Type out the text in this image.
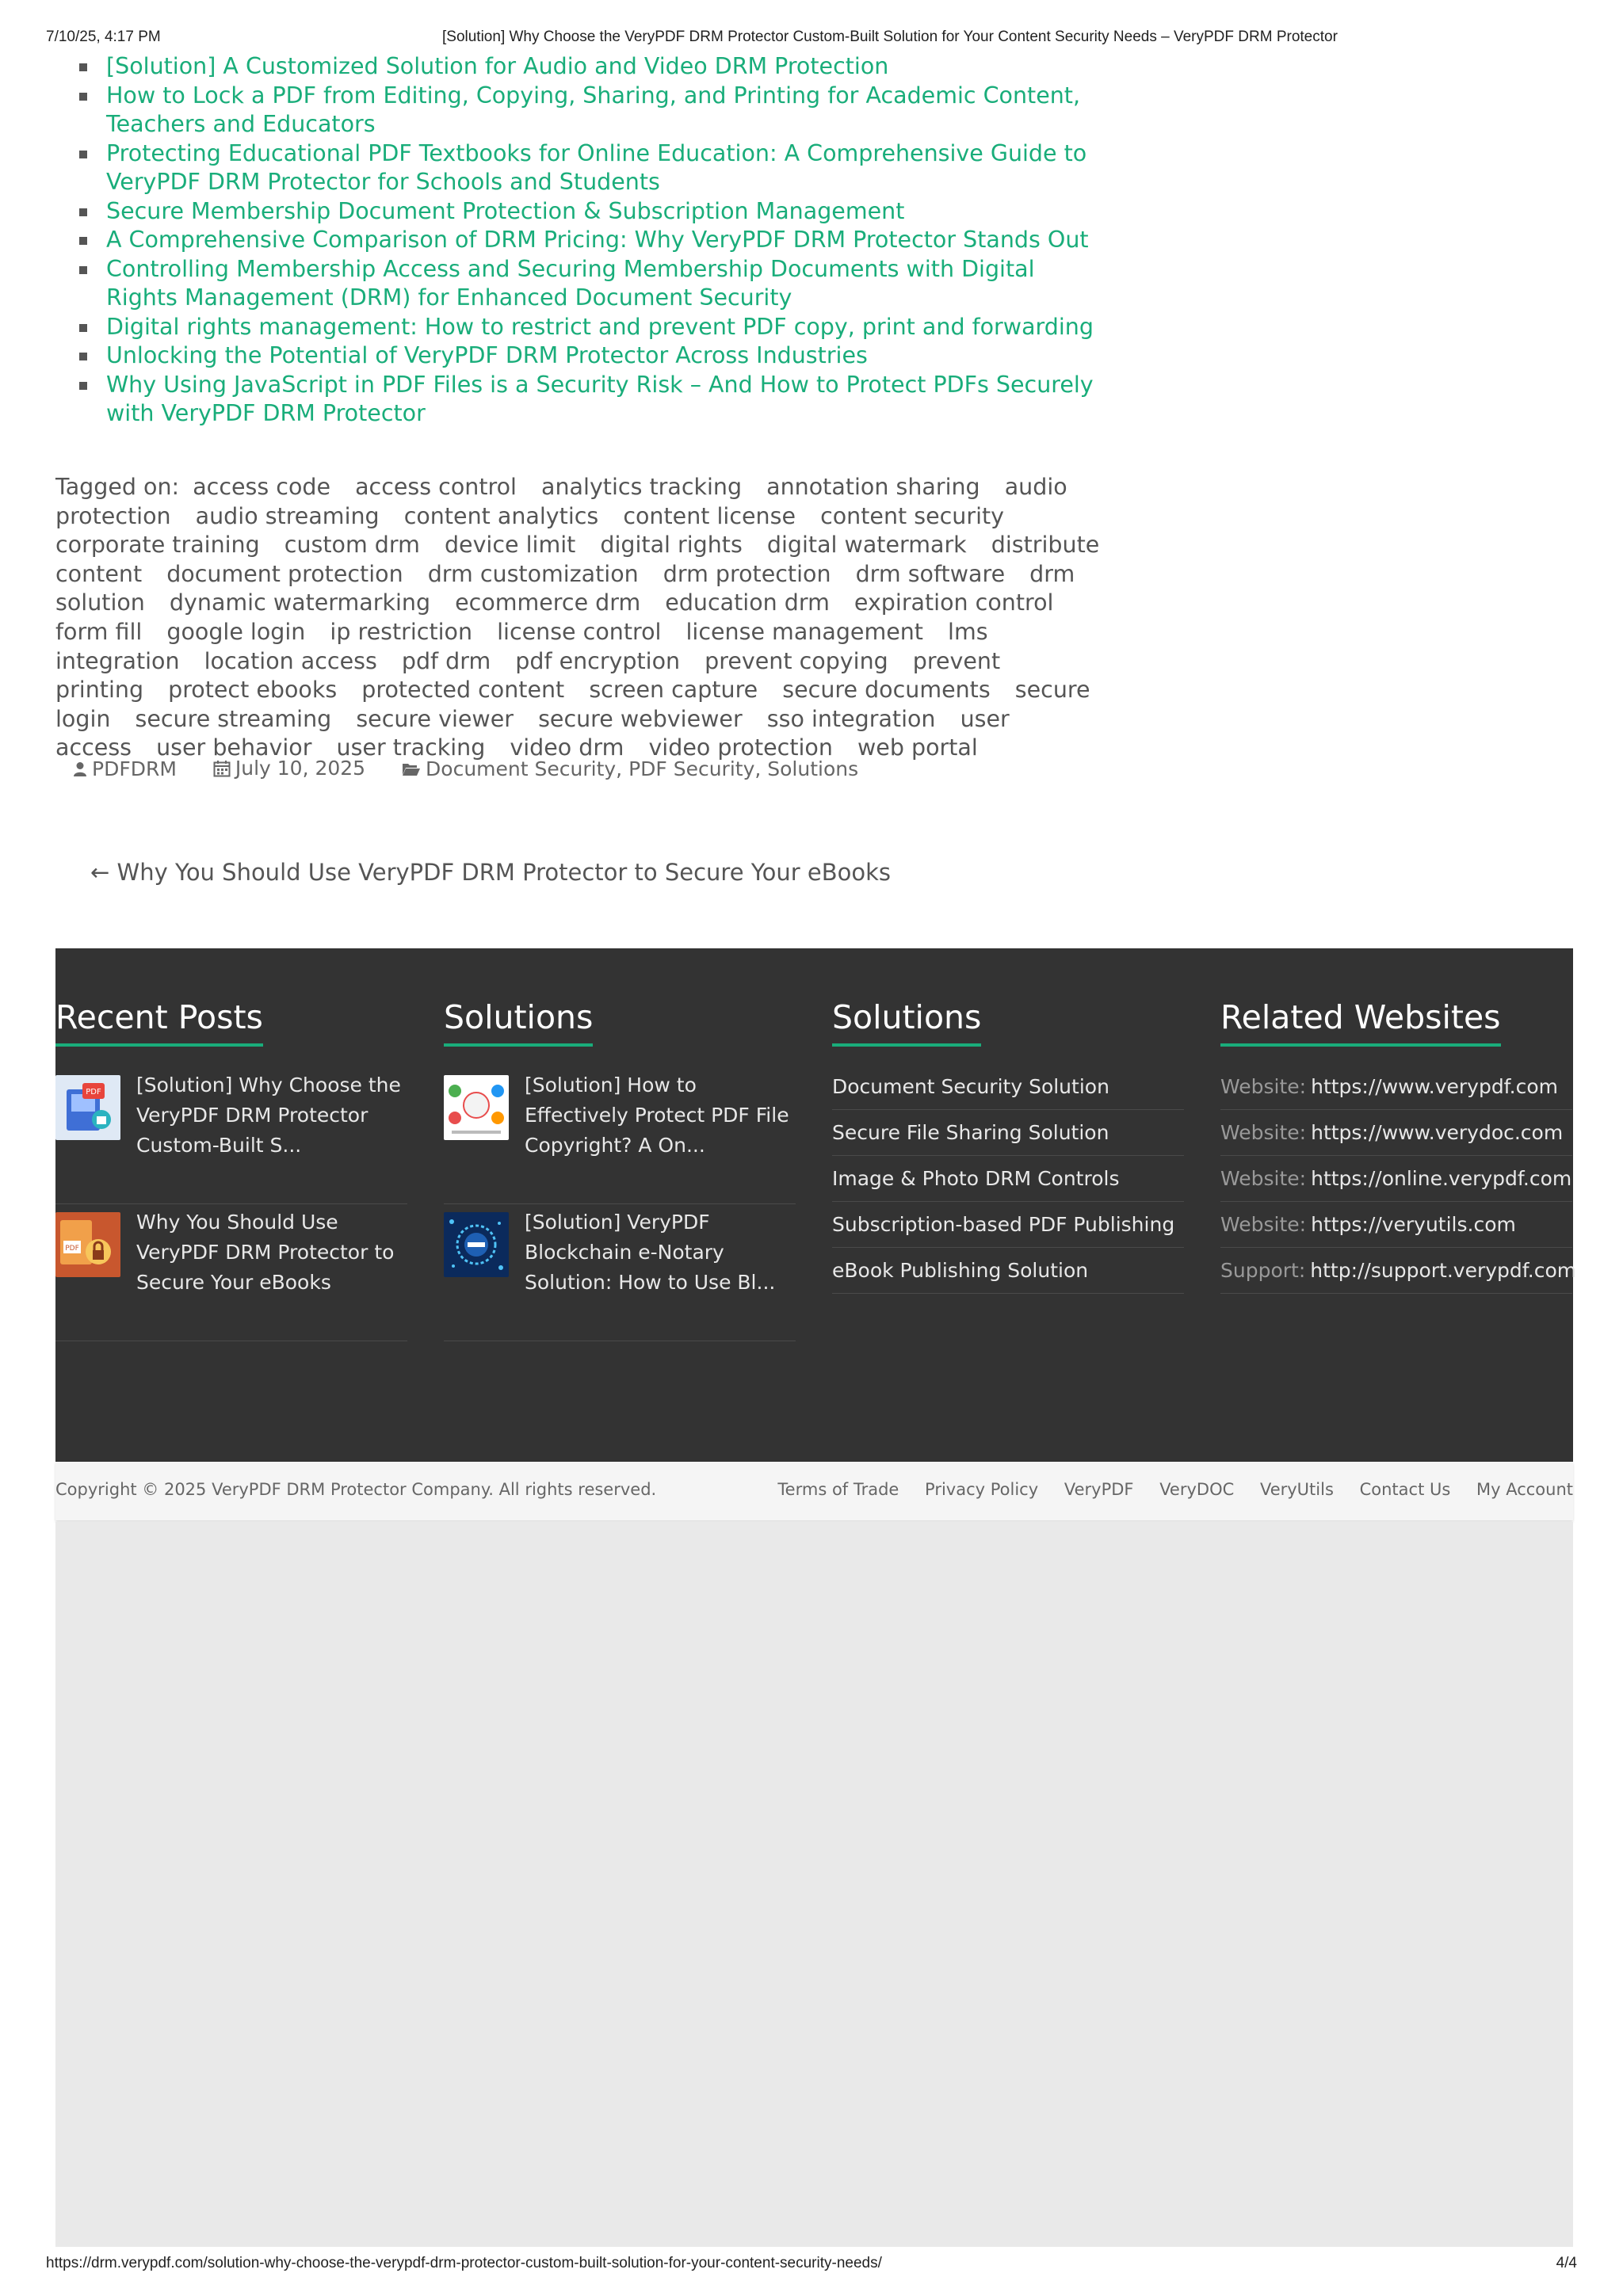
7/10/25, 4:17 PM	[Solution] Why Choose the VeryPDF DRM Protector Custom-Built Solution for Your Content Security Needs – VeryPDF DRM Protector
[Solution] A Customized Solution for Audio and Video DRM Protection
How to Lock a PDF from Editing, Copying, Sharing, and Printing for Academic Content, Teachers and Educators
Protecting Educational PDF Textbooks for Online Education: A Comprehensive Guide to VeryPDF DRM Protector for Schools and Students
Secure Membership Document Protection & Subscription Management
A Comprehensive Comparison of DRM Pricing: Why VeryPDF DRM Protector Stands Out
Controlling Membership Access and Securing Membership Documents with Digital Rights Management (DRM) for Enhanced Document Security
Digital rights management: How to restrict and prevent PDF copy, print and forwarding
Unlocking the Potential of VeryPDF DRM Protector Across Industries
Why Using JavaScript in PDF Files is a Security Risk – And How to Protect PDFs Securely with VeryPDF DRM Protector
Tagged on: access code access control analytics tracking annotation sharing audio protection audio streaming content analytics content license content security corporate training custom drm device limit digital rights digital watermark distribute content document protection drm customization drm protection drm software drm solution dynamic watermarking ecommerce drm education drm expiration control form fill google login ip restriction license control license management lms integration location access pdf drm pdf encryption prevent copying prevent printing protect ebooks protected content screen capture secure documents secure login secure streaming secure viewer secure webviewer sso integration user access user behavior user tracking video drm video protection web portal
PDFDRM
	July 10, 2025
	Document Security, PDF Security, Solutions
← Why You Should Use VeryPDF DRM Protector to Secure Your eBooks
Recent Posts
PDF [Solution] Why Choose the VeryPDF DRM Protector Custom-Built S...
PDF
Why You Should Use VeryPDF DRM Protector to Secure Your eBooks
Solutions
[Solution] How to Effectively Protect PDF File Copyright? A On...
[Solution] VeryPDF Blockchain e-Notary Solution: How to Use Bl...
Solutions
Document Security Solution
Secure File Sharing Solution
Image & Photo DRM Controls
Subscription-based PDF Publishing
eBook Publishing Solution
Related Websites
Website: https://www.verypdf.com
Website: https://www.verydoc.com
Website: https://online.verypdf.com
Website: https://veryutils.com
Support: http://support.verypdf.com
Copyright © 2025 VeryPDF DRM Protector Company. All rights reserved.	Terms of Trade Privacy Policy VeryPDF VeryDOC VeryUtils Contact Us My Account
https://drm.verypdf.com/solution-why-choose-the-verypdf-drm-protector-custom-built-solution-for-your-content-security-needs/	4/4
